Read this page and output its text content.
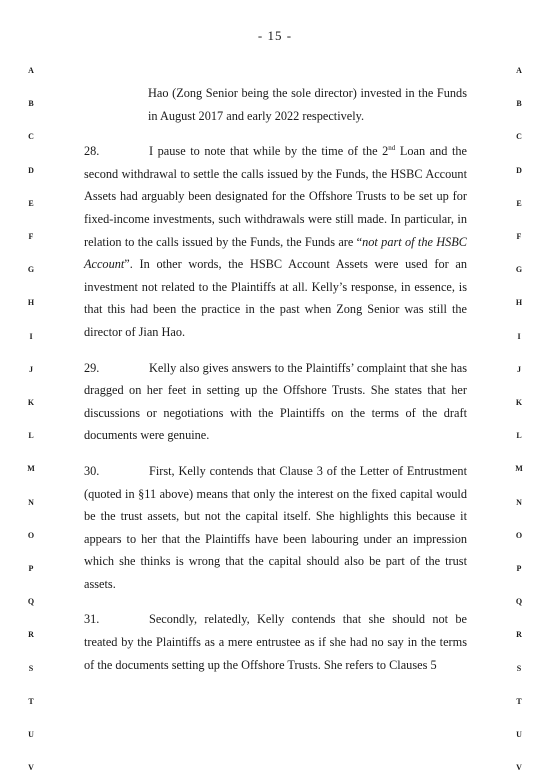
- 15 -
A
B
C
D
E
F
G
H
I
J
K
L
M
N
O
P
Q
R
S
T
U
V
A
B
C
D
E
F
G
H
I
J
K
L
M
N
O
P
Q
R
S
T
U
V

Hao (Zong Senior being the sole director) invested in the Funds in August 2017 and early 2022 respectively.

28.	I pause to note that while by the time of the 2nd Loan and the second withdrawal to settle the calls issued by the Funds, the HSBC Account Assets had arguably been designated for the Offshore Trusts to be set up for fixed-income investments, such withdrawals were still made. In particular, in relation to the calls issued by the Funds, the Funds are “not part of the HSBC Account”. In other words, the HSBC Account Assets were used for an investment not related to the Plaintiffs at all. Kelly’s response, in essence, is that this had been the practice in the past when Zong Senior was still the director of Jian Hao.

29.	Kelly also gives answers to the Plaintiffs’ complaint that she has dragged on her feet in setting up the Offshore Trusts. She states that her discussions or negotiations with the Plaintiffs on the terms of the draft documents were genuine.

30.	First, Kelly contends that Clause 3 of the Letter of Entrustment (quoted in §11 above) means that only the interest on the fixed capital would be the trust assets, but not the capital itself. She highlights this because it appears to her that the Plaintiffs have been labouring under an impression which she thinks is wrong that the capital should also be part of the trust assets.

31.	Secondly, relatedly, Kelly contends that she should not be treated by the Plaintiffs as a mere entrustee as if she had no say in the terms of the documents setting up the Offshore Trusts. She refers to Clauses 5
